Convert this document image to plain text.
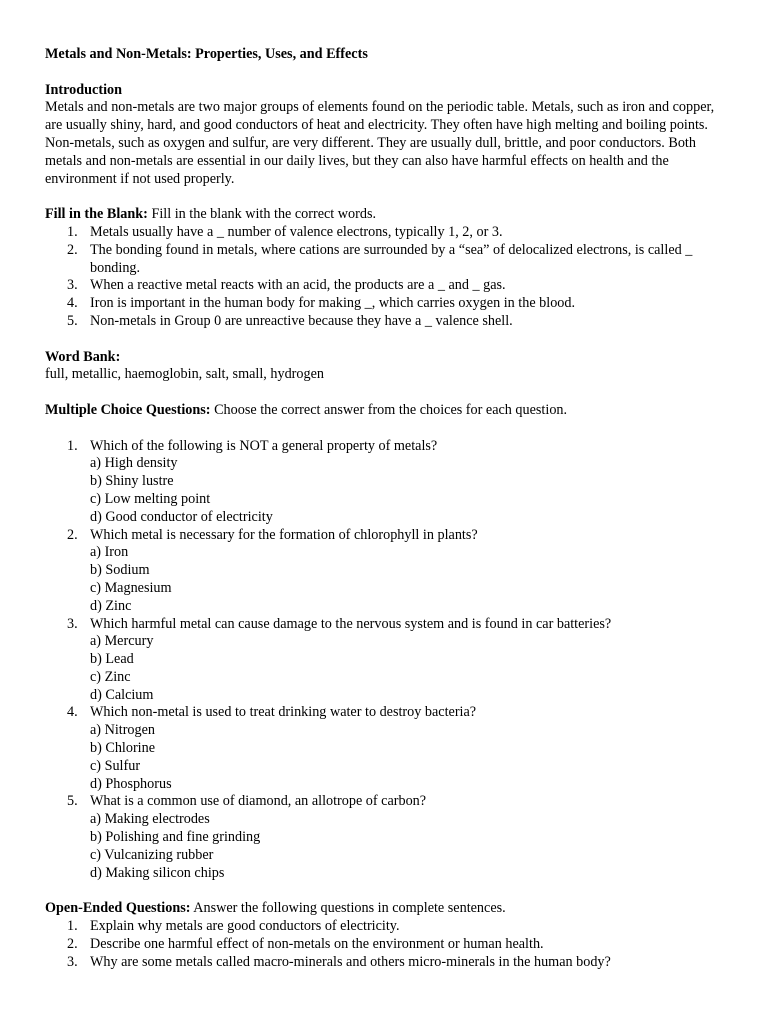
Metals and Non-Metals: Properties, Uses, and Effects

Introduction

Metals and non-metals are two major groups of elements found on the periodic table. Metals, such as iron and copper, are usually shiny, hard, and good conductors of heat and electricity. They often have high melting and boiling points. Non-metals, such as oxygen and sulfur, are very different. They are usually dull, brittle, and poor conductors. Both metals and non-metals are essential in our daily lives, but they can also have harmful effects on health and the environment if not used properly.

Fill in the Blank: Fill in the blank with the correct words.

1. Metals usually have a _ number of valence electrons, typically 1, 2, or 3.
2. The bonding found in metals, where cations are surrounded by a “sea” of delocalized electrons, is called _ bonding.
3. When a reactive metal reacts with an acid, the products are a _ and _ gas.
4. Iron is important in the human body for making _, which carries oxygen in the blood.
5. Non-metals in Group 0 are unreactive because they have a _ valence shell.

Word Bank:

full, metallic, haemoglobin, salt, small, hydrogen

Multiple Choice Questions: Choose the correct answer from the choices for each question.

1. Which of the following is NOT a general property of metals?
a) High density
b) Shiny lustre
c) Low melting point
d) Good conductor of electricity
2. Which metal is necessary for the formation of chlorophyll in plants?
a) Iron
b) Sodium
c) Magnesium
d) Zinc
3. Which harmful metal can cause damage to the nervous system and is found in car batteries?
a) Mercury
b) Lead
c) Zinc
d) Calcium
4. Which non-metal is used to treat drinking water to destroy bacteria?
a) Nitrogen
b) Chlorine
c) Sulfur
d) Phosphorus
5. What is a common use of diamond, an allotrope of carbon?
a) Making electrodes
b) Polishing and fine grinding
c) Vulcanizing rubber
d) Making silicon chips

Open-Ended Questions: Answer the following questions in complete sentences.

1. Explain why metals are good conductors of electricity.
2. Describe one harmful effect of non-metals on the environment or human health.
3. Why are some metals called macro-minerals and others micro-minerals in the human body?
